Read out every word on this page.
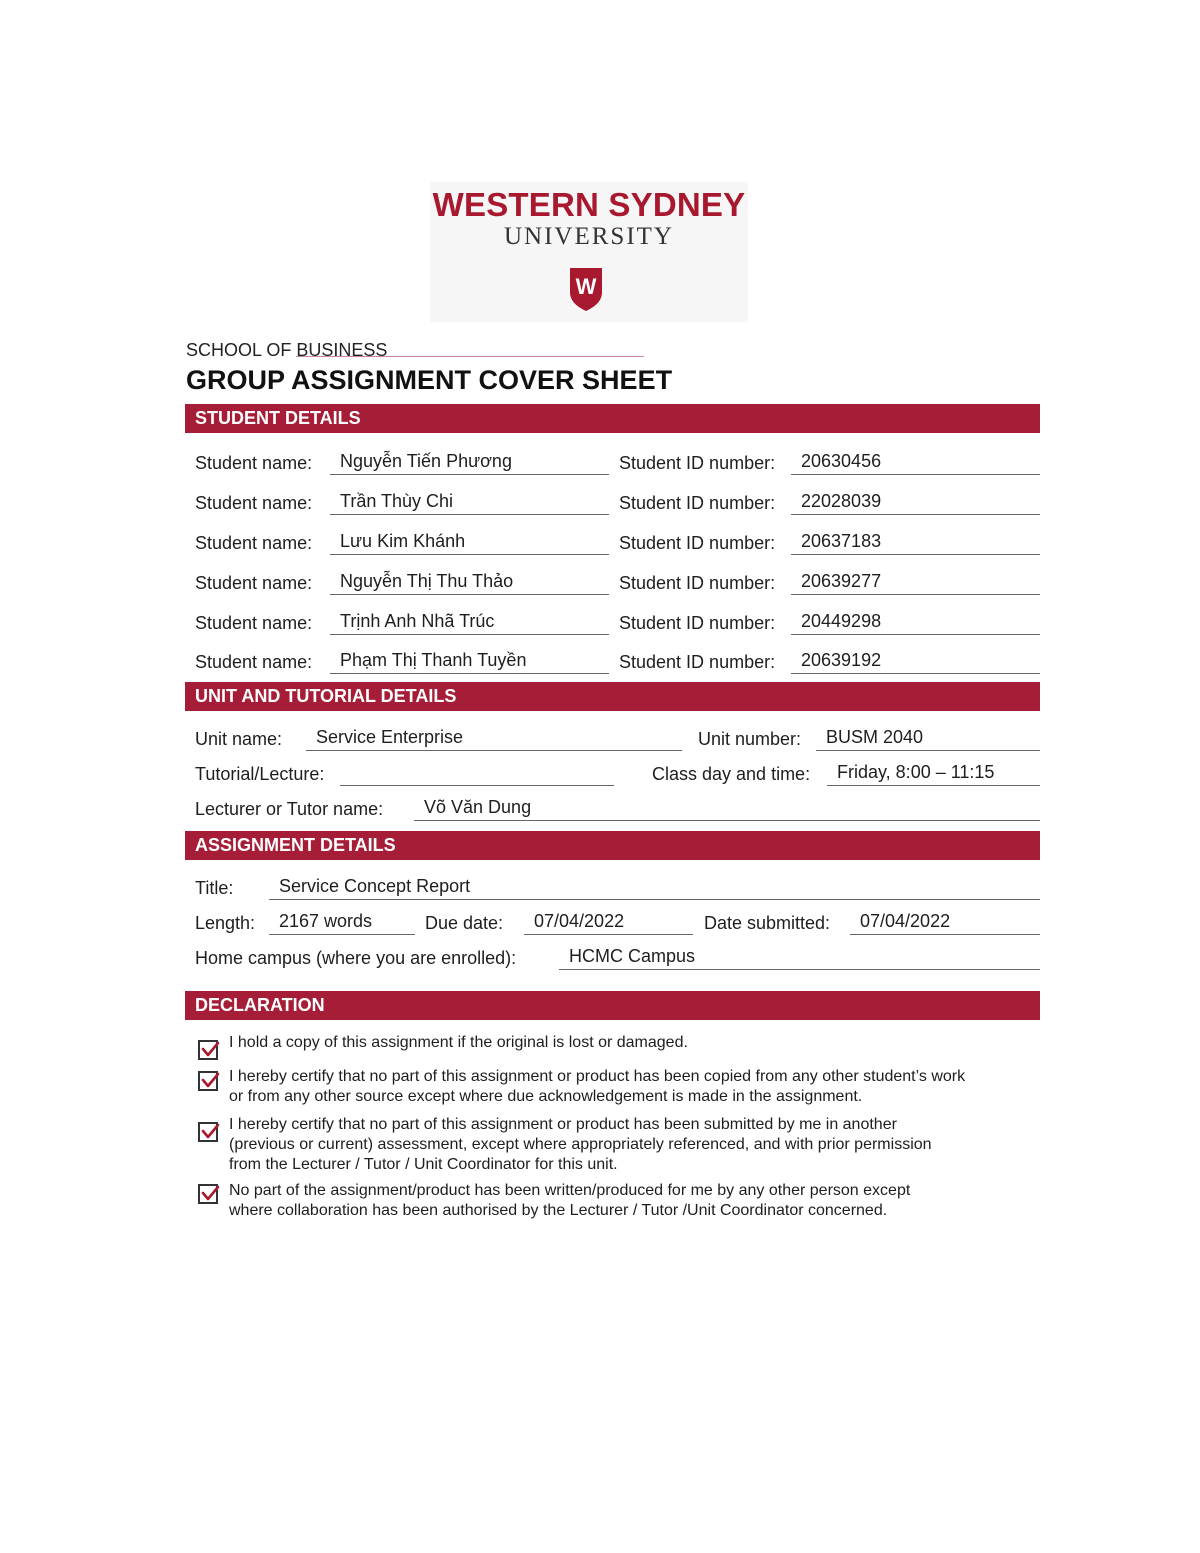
WESTERN SYDNEY
UNIVERSITY
W
SCHOOL OF BUSINESS
GROUP ASSIGNMENT COVER SHEET
STUDENT DETAILS
Student name:	Nguyễn Tiến Phương	Student ID number:	20630456
Student name:	Trần Thùy Chi	Student ID number:	22028039
Student name:	Lưu Kim Khánh	Student ID number:	20637183
Student name:	Nguyễn Thị Thu Thảo	Student ID number:	20639277
Student name:	Trịnh Anh Nhã Trúc	Student ID number:	20449298
Student name:	Phạm Thị Thanh Tuyền	Student ID number:	20639192
UNIT AND TUTORIAL DETAILS
Unit name:	Service Enterprise	Unit number:	BUSM 2040
Tutorial/Lecture:	Class day and time:	Friday, 8:00 – 11:15
Lecturer or Tutor name:	Võ Văn Dung
ASSIGNMENT DETAILS
Title:	Service Concept Report
Length:	2167 words	Due date:	07/04/2022	Date submitted:	07/04/2022
Home campus (where you are enrolled):	HCMC Campus
DECLARATION
I hold a copy of this assignment if the original is lost or damaged.
I hereby certify that no part of this assignment or product has been copied from any other student’s work
or from any other source except where due acknowledgement is made in the assignment.
I hereby certify that no part of this assignment or product has been submitted by me in another
(previous or current) assessment, except where appropriately referenced, and with prior permission
from the Lecturer / Tutor / Unit Coordinator for this unit.
No part of the assignment/product has been written/produced for me by any other person except
where collaboration has been authorised by the Lecturer / Tutor /Unit Coordinator concerned.
